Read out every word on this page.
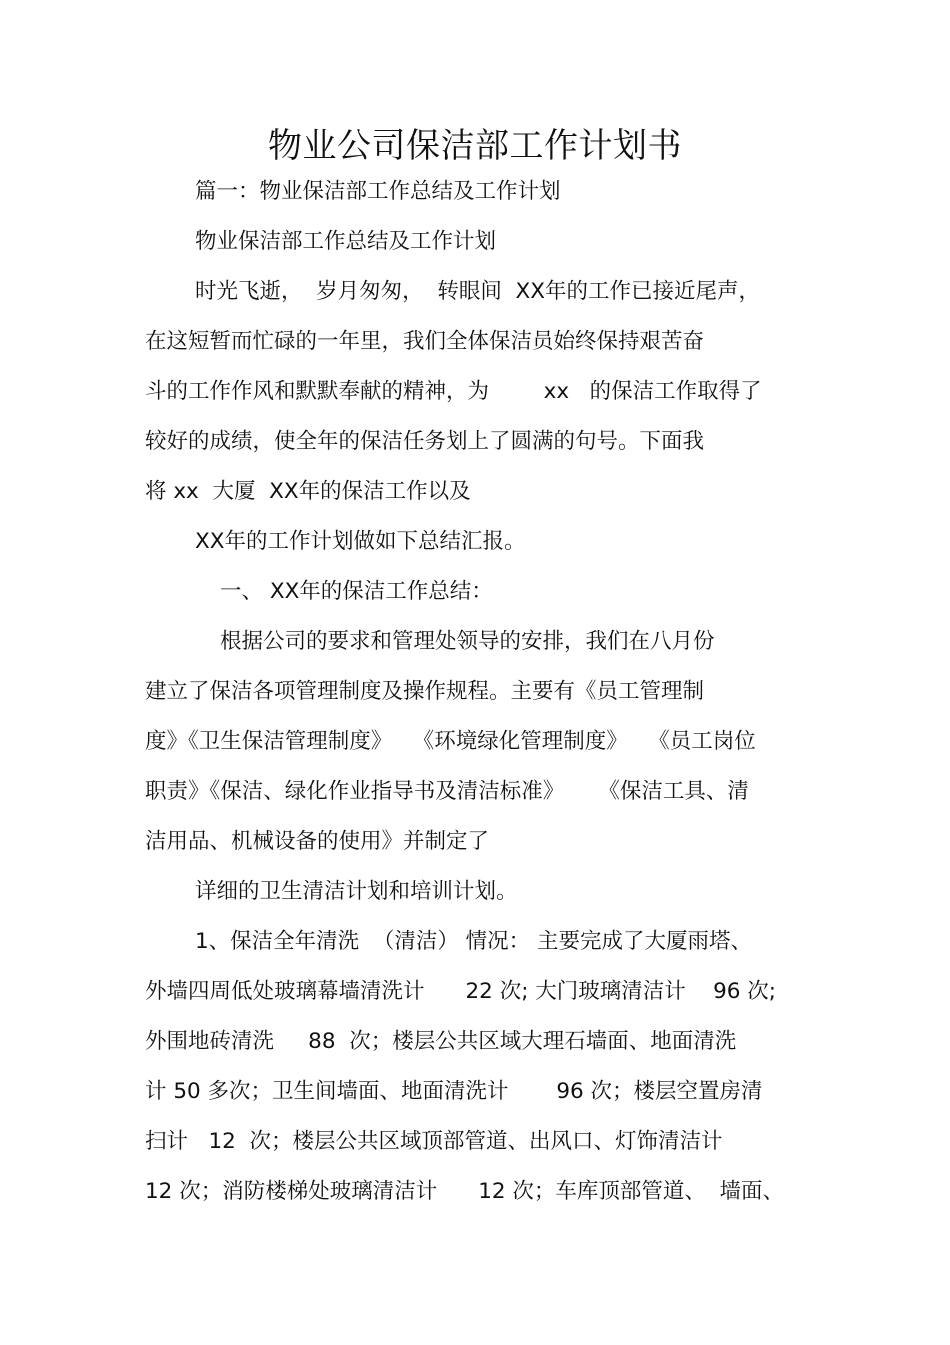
物业公司保洁部工作计划书
篇一：物业保洁部工作总结及工作计划
物业保洁部工作总结及工作计划
时光飞逝，  岁月匆匆，  转眼间  XX年的工作已接近尾声，
在这短暂而忙碌的一年里，我们全体保洁员始终保持艰苦奋
斗的工作作风和默默奉献的精神，为        xx   的保洁工作取得了
较好的成绩，使全年的保洁任务划上了圆满的句号。下面我
将 xx  大厦  XX年的保洁工作以及
XX年的工作计划做如下总结汇报。
一、 XX年的保洁工作总结：
根据公司的要求和管理处领导的安排，我们在八月份
建立了保洁各项管理制度及操作规程。主要有《员工管理制
度》《卫生保洁管理制度》   《环境绿化管理制度》   《员工岗位
职责》《保洁、绿化作业指导书及清洁标准》     《保洁工具、清
洁用品、机械设备的使用》并制定了
详细的卫生清洁计划和培训计划。
1、保洁全年清洗  （清洁） 情况： 主要完成了大厦雨塔、
外墙四周低处玻璃幕墙清洗计      22 次; 大门玻璃清洁计    96 次;
外围地砖清洗     88  次；楼层公共区域大理石墙面、地面清洗
计 50 多次；卫生间墙面、地面清洗计       96 次；楼层空置房清
扫计   12  次；楼层公共区域顶部管道、出风口、灯饰清洁计
12 次；消防楼梯处玻璃清洁计      12 次；车库顶部管道、  墙面、
